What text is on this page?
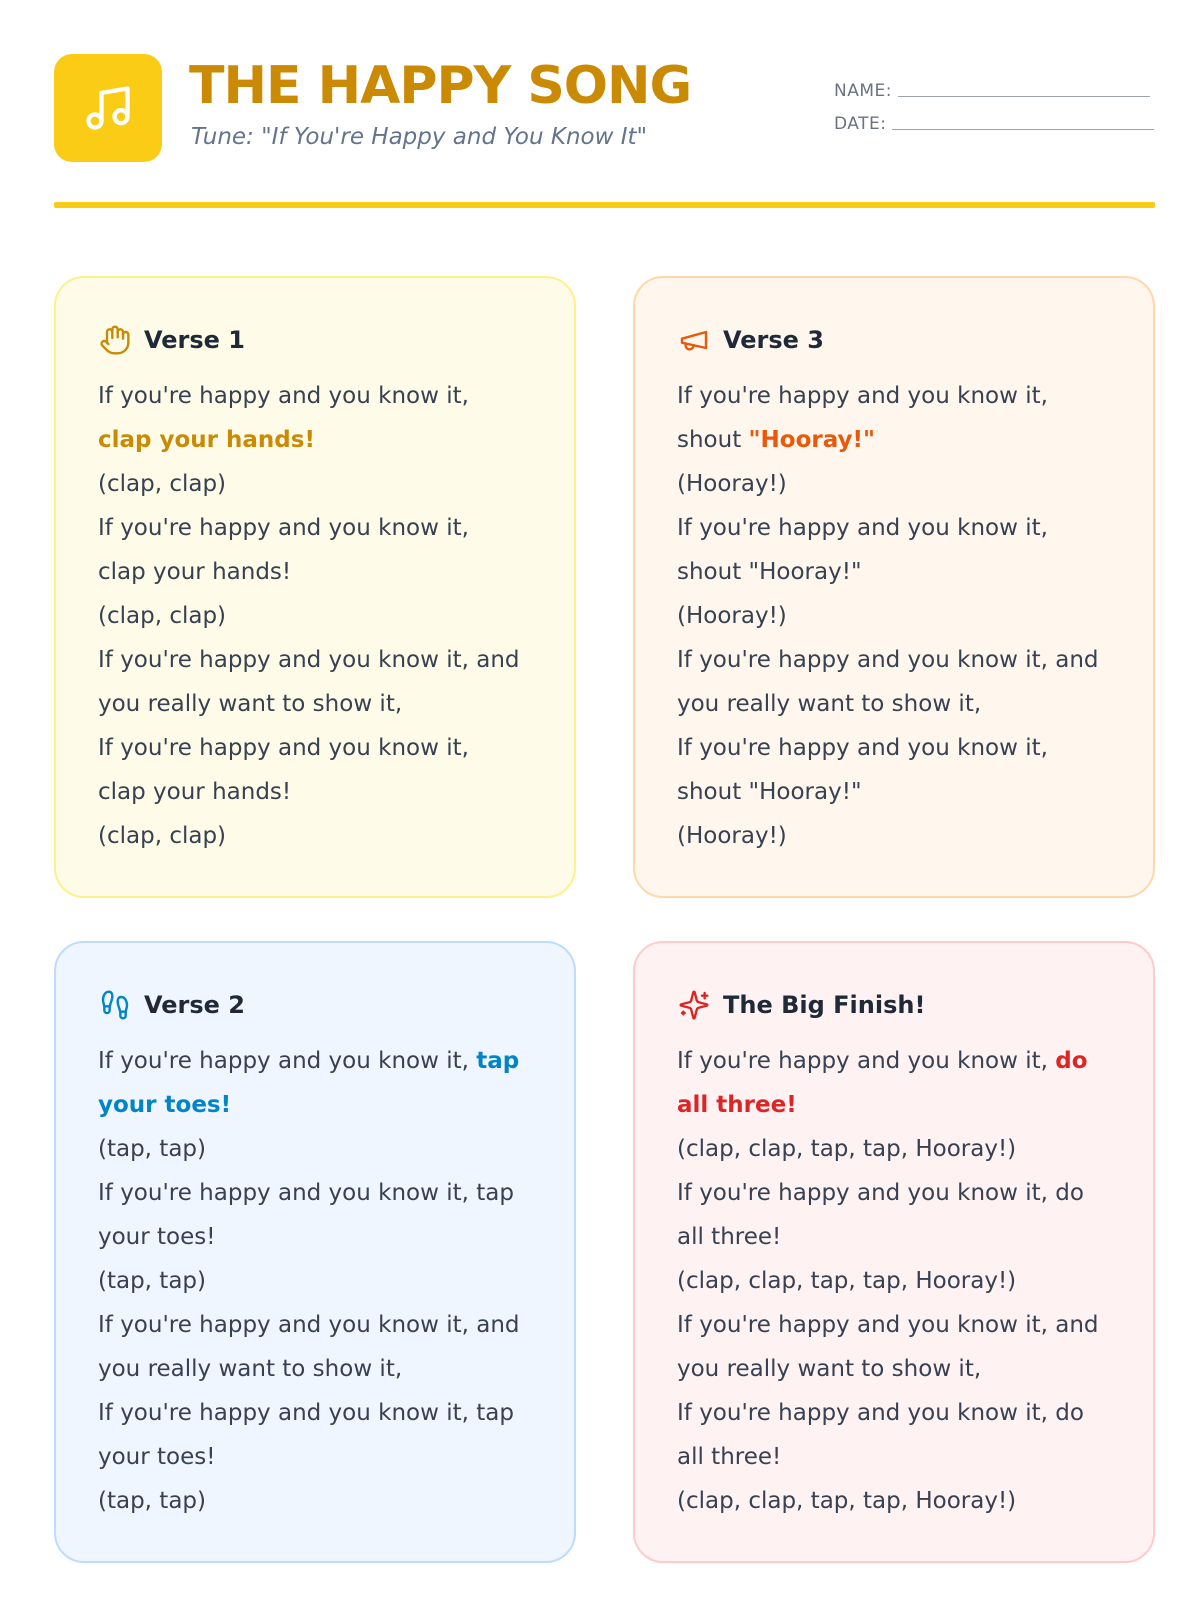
THE HAPPY SONG
Tune: "If You're Happy and You Know It"
NAME:
DATE:
Verse 1

If you're happy and you know it,

clap your hands!

(clap, clap)

If you're happy and you know it,

clap your hands!

(clap, clap)

If you're happy and you know it, and

you really want to show it,

If you're happy and you know it,

clap your hands!

(clap, clap)

Verse 3

If you're happy and you know it,

shout "Hooray!"

(Hooray!)

If you're happy and you know it,

shout "Hooray!"

(Hooray!)

If you're happy and you know it, and

you really want to show it,

If you're happy and you know it,

shout "Hooray!"

(Hooray!)

Verse 2

If you're happy and you know it, tap

your toes!

(tap, tap)

If you're happy and you know it, tap

your toes!

(tap, tap)

If you're happy and you know it, and

you really want to show it,

If you're happy and you know it, tap

your toes!

(tap, tap)

The Big Finish!

If you're happy and you know it, do

all three!

(clap, clap, tap, tap, Hooray!)

If you're happy and you know it, do

all three!

(clap, clap, tap, tap, Hooray!)

If you're happy and you know it, and

you really want to show it,

If you're happy and you know it, do

all three!

(clap, clap, tap, tap, Hooray!)
